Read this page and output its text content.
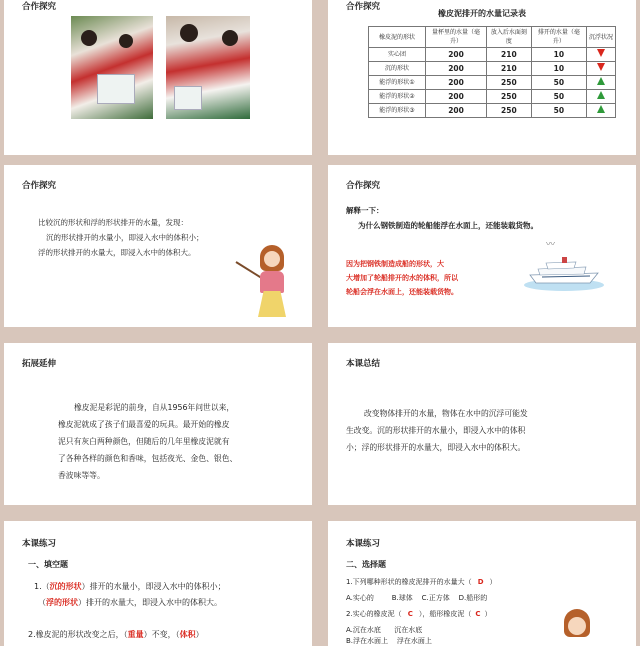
合作探究	合作探究
橡皮泥排开的水量记录表
橡皮泥的形状	量杯里的水量（毫升）	放入后水面刻度	排开的水量（毫升）	沉浮状况
实心团	200	210	10	
沉的形状	200	210	10	
能浮的形状①	200	250	50	
能浮的形状②	200	250	50	
能浮的形状③	200	250	50	
合作探究
比较沉的形状和浮的形状排开的水量，发现：
沉的形状排开的水量小，即浸入水中的体积小；
浮的形状排开的水量大，即浸入水中的体积大。
合作探究
解释一下：
为什么钢铁制造的轮船能浮在水面上，还能装载货物。
因为把钢铁制造成船的形状，大
大增加了轮船排开的水的体积，所以
轮船会浮在水面上，还能装载货物。
〰
拓展延伸
橡皮泥是彩泥的前身，自从1956年问世以来，
橡皮泥就成了孩子们最喜爱的玩具。最开始的橡皮
泥只有灰白两种颜色，但随后的几年里橡皮泥就有
了各种各样的颜色和香味，包括夜光、金色、银色、
香波味等等。
本课总结
改变物体排开的水量，物体在水中的沉浮可能发
生改变。沉的形状排开的水量小，即浸入水中的体积
小；浮的形状排开的水量大，即浸入水中的体积大。
本课练习
一、填空题
1.（沉的形状）排开的水量小，即浸入水中的体积小；
（浮的形状）排开的水量大，即浸入水中的体积大。
2.橡皮泥的形状改变之后，（重量）不变，（体积）
本课练习
二、选择题
1.下列哪种形状的橡皮泥排开的水量大（ D ）
A.实心的        B.球体    C.正方体    D.船形的
2.实心的橡皮泥（ C ），船形橡皮泥（ C ）
A.沉在水底      沉在水底
B.浮在水面上    浮在水面上
